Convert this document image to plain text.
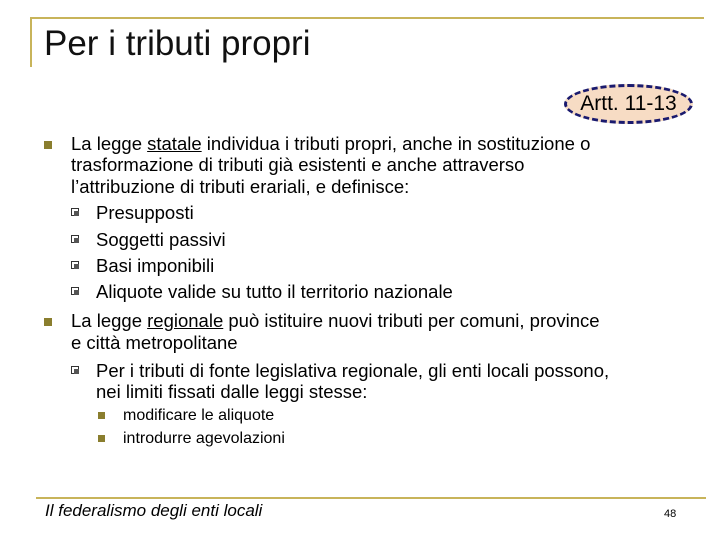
Per i tributi propri
Artt. 11-13
La legge statale individua i tributi propri, anche in sostituzione o
trasformazione di tributi già esistenti e anche attraverso
l’attribuzione di tributi erariali, e definisce:
Presupposti
Soggetti passivi
Basi imponibili
Aliquote valide su tutto il territorio nazionale
La legge regionale può istituire nuovi tributi per comuni, province
e città metropolitane
Per i tributi di fonte legislativa regionale, gli enti locali possono,
nei limiti fissati dalle leggi stesse:
modificare le aliquote
introdurre agevolazioni
Il federalismo degli enti locali	48
